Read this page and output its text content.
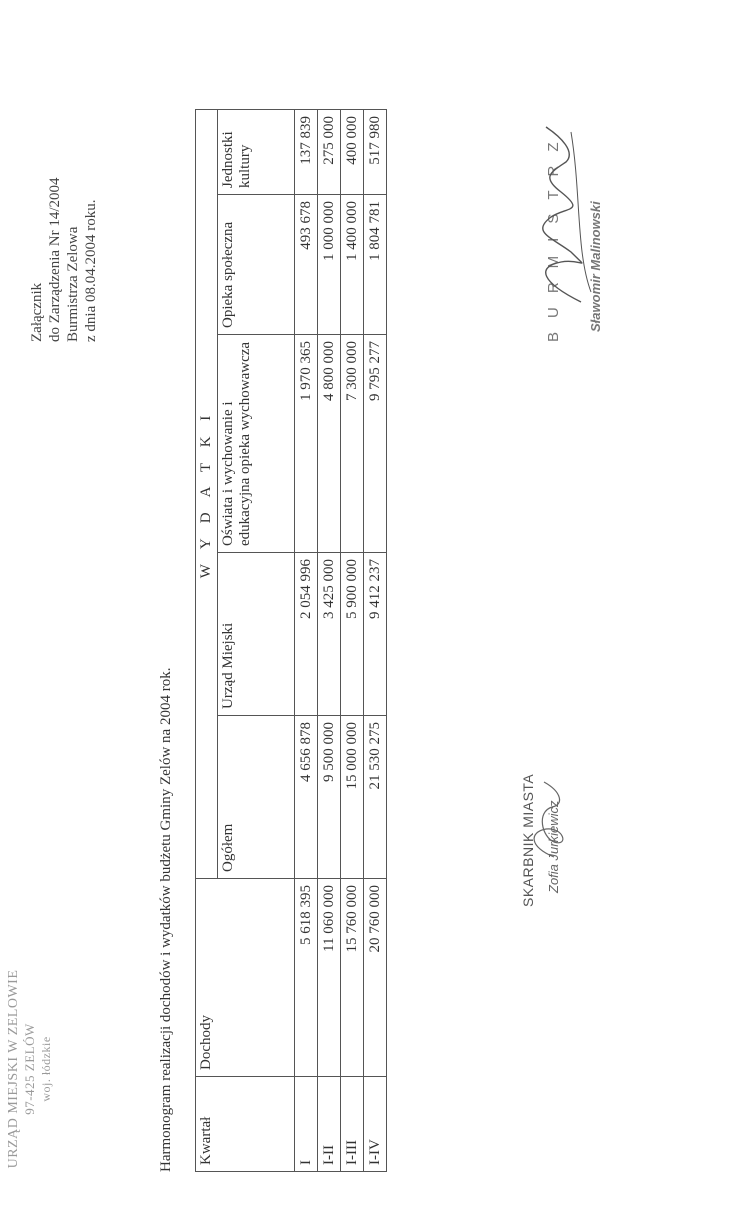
URZĄD MIEJSKI W ZELOWIE 97-425 ZELÓW woj. łódzkie
Załącznik do Zarządzenia Nr 14/2004 Burmistrza Zelowa z dnia 08.04.2004 roku.
Harmonogram realizacji dochodów i wydatków budżetu Gminy Zelów na 2004 rok. Kwartał	Dochody	W Y D A T K I				
		Ogółem	Urząd Miejski	Oświata i wychowanie i edukacyjna opieka wychowawcza	Opieka społeczna	Jednostki kultury
I	5 618 395	4 656 878	2 054 996	1 970 365	493 678	137 839
I-II	11 060 000	9 500 000	3 425 000	4 800 000	1 000 000	275 000
I-III	15 760 000	15 000 000	5 900 000	7 300 000	1 400 000	400 000
I-IV	20 760 000	21 530 275	9 412 237	9 795 277	1 804 781	517 980
SKARBNIK MIASTA Zofia Jurkiewicz
BURMISTRZ Sławomir Malinowski
